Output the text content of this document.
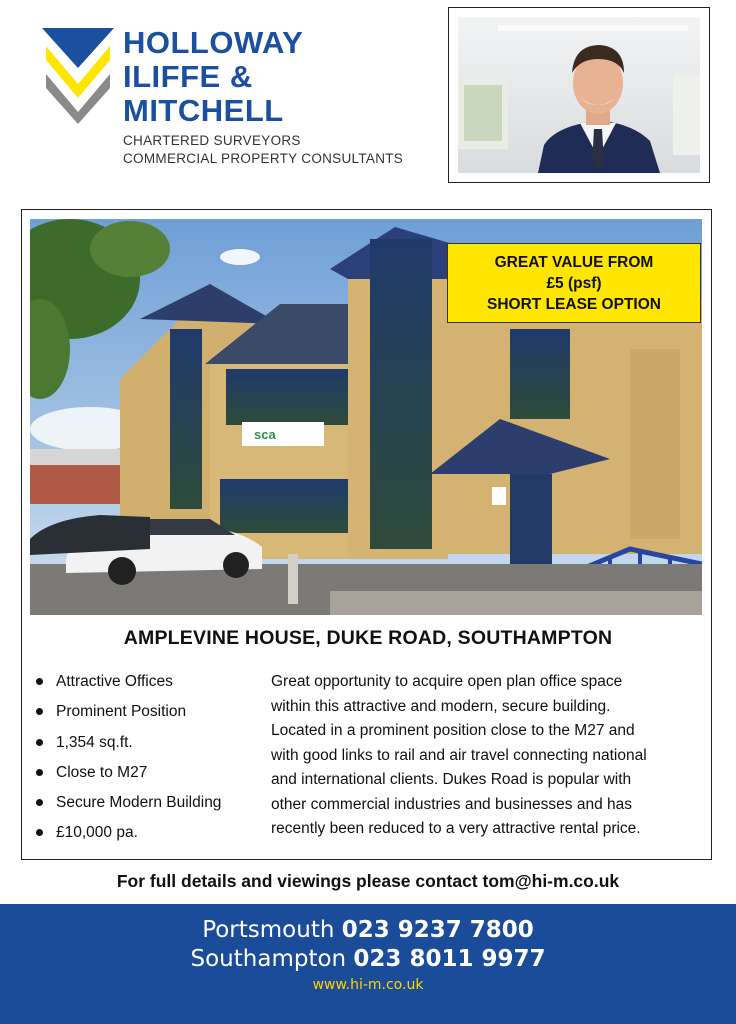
HOLLOWAY
ILIFFE &
MITCHELL
CHARTERED SURVEYORS
COMMERCIAL PROPERTY CONSULTANTS
sca
GREAT VALUE FROM
£5 (psf)
SHORT LEASE OPTION
AMPLEVINE HOUSE, DUKE ROAD, SOUTHAMPTON
Attractive Offices
Prominent Position
1,354 sq.ft.
Close to M27
Secure Modern Building
£10,000 pa.
Great opportunity to acquire open plan office space
within this attractive and modern, secure building.
Located in a prominent position close to the M27 and
with good links to rail and air travel connecting national
and international clients. Dukes Road is popular with
other commercial industries and businesses and has
recently been reduced to a very attractive rental price.
For full details and viewings please contact tom@hi-m.co.uk
Portsmouth 023 9237 7800
Southampton 023 8011 9977
www.hi-m.co.uk
